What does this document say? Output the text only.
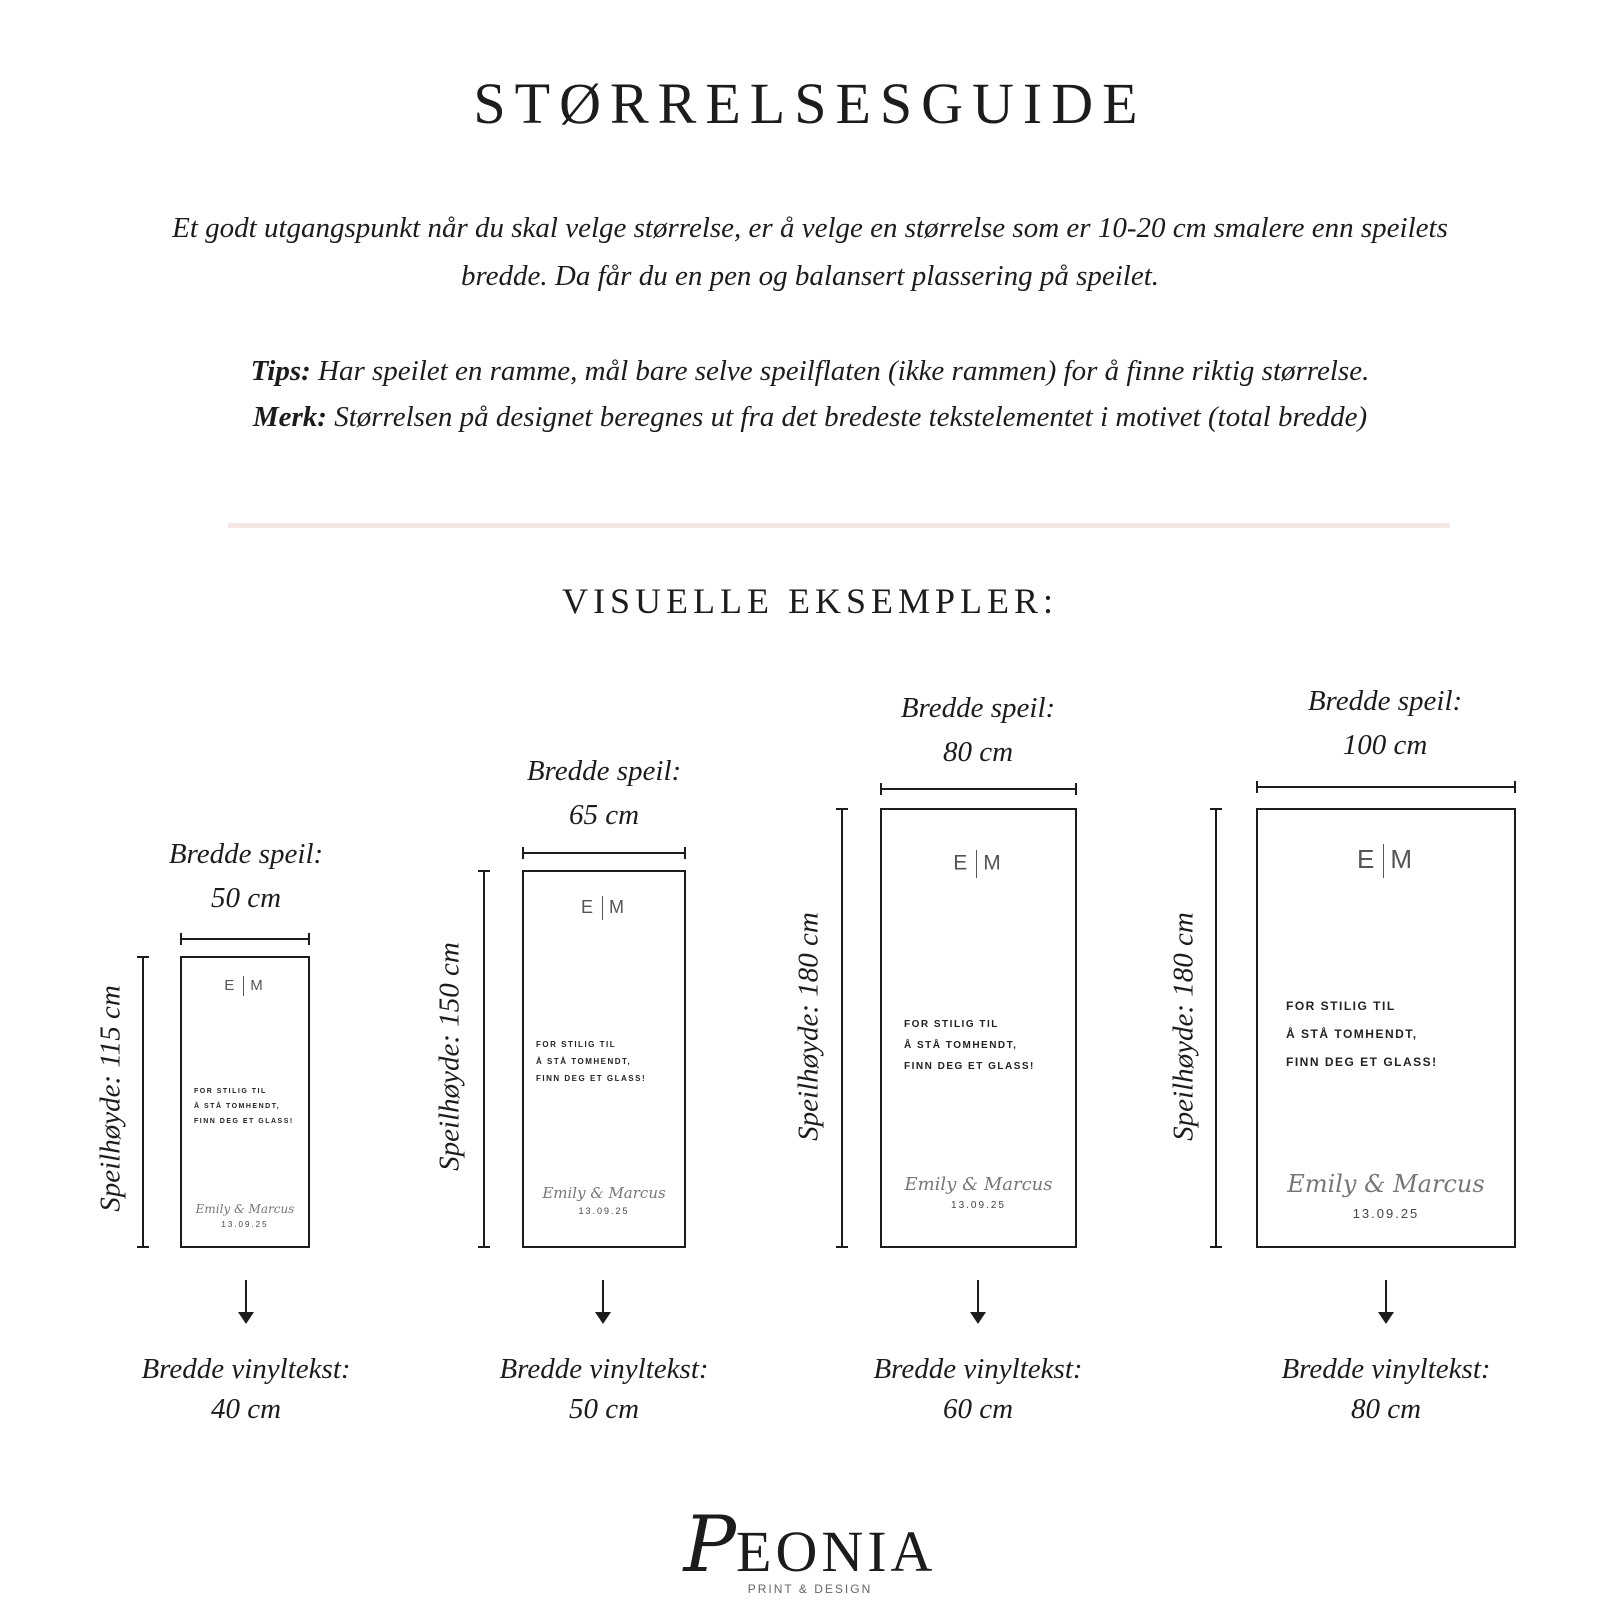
STØRRELSESGUIDE

Et godt utgangspunkt når du skal velge størrelse, er å velge en størrelse som er 10-20 cm smalere enn speilets bredde. Da får du en pen og balansert plassering på speilet.

Tips: Har speilet en ramme, mål bare selve speilflaten (ikke rammen) for å finne riktig størrelse.
Merk: Størrelsen på designet beregnes ut fra det bredeste tekstelementet i motivet (total bredde)
VISUELLE EKSEMPLER:
Bredde speil:
50 cm
Speilhøyde: 115 cm	E M
FOR STILIG TIL
Å STÅ TOMHENDT,
FINN DEG ET GLASS!
Emily & Marcus
13.09.25
Bredde vinyltekst:
40 cm
Bredde speil:
65 cm
Speilhøyde: 150 cm
E M
FOR STILIG TIL
Å STÅ TOMHENDT,
FINN DEG ET GLASS!
Emily & Marcus
13.09.25
Bredde vinyltekst:
50 cm
Bredde speil:
80 cm
Speilhøyde: 180 cm
E M
FOR STILIG TIL
Å STÅ TOMHENDT,
FINN DEG ET GLASS!
Emily & Marcus
13.09.25
Bredde vinyltekst:
60 cm
Bredde speil:
100 cm
Speilhøyde: 180 cm
E M
FOR STILIG TIL
Å STÅ TOMHENDT,
FINN DEG ET GLASS!
Emily & Marcus
13.09.25
Bredde vinyltekst:
80 cm
PEONIA
PRINT & DESIGN
